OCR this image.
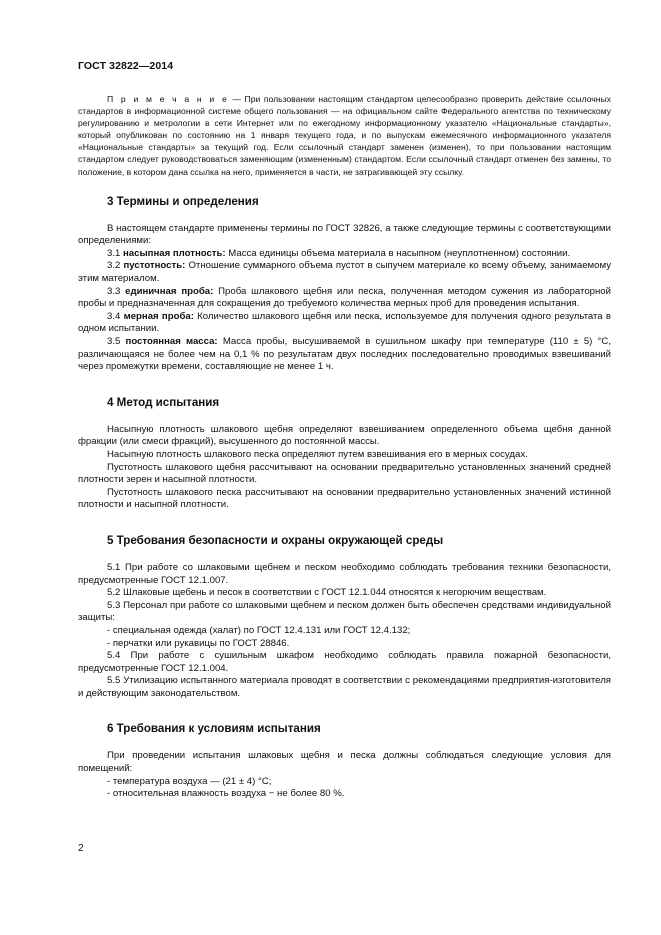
ГОСТ 32822—2014

П р и м е ч а н и е — При пользовании настоящим стандартом целесообразно проверить действие ссылочных стандартов в информационной системе общего пользования — на официальном сайте Федерального агентства по техническому регулированию и метрологии в сети Интернет или по ежегодному информационному указателю «Национальные стандарты», который опубликован по состоянию на 1 января текущего года, и по выпускам ежемесячного информационного указателя «Национальные стандарты» за текущий год. Если ссылочный стандарт заменен (изменен), то при пользовании настоящим стандартом следует руководствоваться заменяющим (измененным) стандартом. Если ссылочный стандарт отменен без замены, то положение, в котором дана ссылка на него, применяется в части, не затрагивающей эту ссылку.

3 Термины и определения

В настоящем стандарте применены термины по ГОСТ 32826, а также следующие термины с соответствующими определениями:

3.1 насыпная плотность: Масса единицы объема материала в насыпном (неуплотненном) состоянии.

3.2 пустотность: Отношение суммарного объема пустот в сыпучем материале ко всему объему, занимаемому этим материалом.

3.3 единичная проба: Проба шлакового щебня или песка, полученная методом сужения из лабораторной пробы и предназначенная для сокращения до требуемого количества мерных проб для проведения испытания.

3.4 мерная проба: Количество шлакового щебня или песка, используемое для получения одного результата в одном испытании.

3.5 постоянная масса: Масса пробы, высушиваемой в сушильном шкафу при температуре (110 ± 5) °С, различающаяся не более чем на 0,1 % по результатам двух последних последовательно проводимых взвешиваний через промежутки времени, составляющие не менее 1 ч.

4 Метод испытания

Насыпную плотность шлакового щебня определяют взвешиванием определенного объема щебня данной фракции (или смеси фракций), высушенного до постоянной массы.

Насыпную плотность шлакового песка определяют путем взвешивания его в мерных сосудах.

Пустотность шлакового щебня рассчитывают на основании предварительно установленных значений средней плотности зерен и насыпной плотности.

Пустотность шлакового песка рассчитывают на основании предварительно установленных значений истинной плотности и насыпной плотности.

5 Требования безопасности и охраны окружающей среды

5.1 При работе со шлаковыми щебнем и песком необходимо соблюдать требования техники безопасности, предусмотренные ГОСТ 12.1.007.

5.2 Шлаковые щебень и песок в соответствии с ГОСТ 12.1.044 относятся к негорючим веществам.

5.3 Персонал при работе со шлаковыми щебнем и песком должен быть обеспечен средствами индивидуальной защиты:

- специальная одежда (халат) по ГОСТ 12.4.131 или ГОСТ 12.4.132;

- перчатки или рукавицы по ГОСТ 28846.

5.4 При работе с сушильным шкафом необходимо соблюдать правила пожарной безопасности, предусмотренные ГОСТ 12.1.004.

5.5 Утилизацию испытанного материала проводят в соответствии с рекомендациями предприятия-изготовителя и действующим законодательством.

6 Требования к условиям испытания

При проведении испытания шлаковых щебня и песка должны соблюдаться следующие условия для помещений:

- температура воздуха — (21 ± 4) °С;

- относительная влажность воздуха − не более 80 %.

2
